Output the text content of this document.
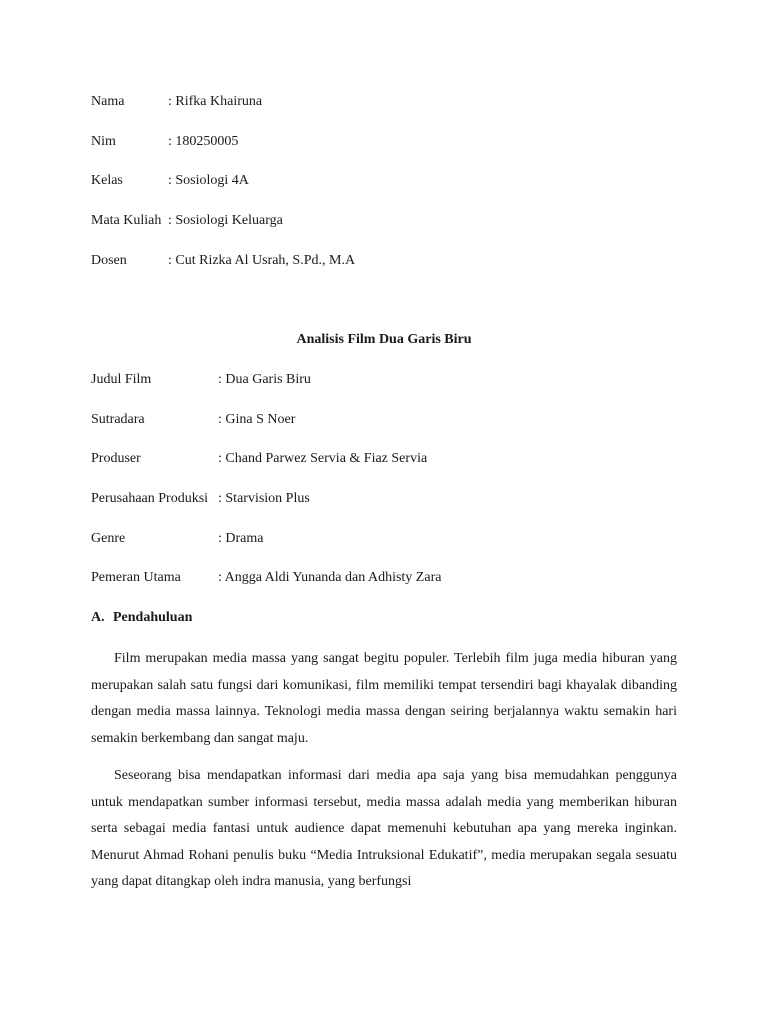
Nama	: Rifka Khairuna
Nim	: 180250005
Kelas	: Sosiologi 4A
Mata Kuliah : Sosiologi Keluarga
Dosen	: Cut Rizka Al Usrah, S.Pd., M.A
Analisis Film Dua Garis Biru
Judul Film	: Dua Garis Biru
Sutradara	: Gina S Noer
Produser	: Chand Parwez Servia & Fiaz Servia
Perusahaan Produksi : Starvision Plus
Genre	: Drama
Pemeran Utama	: Angga Aldi Yunanda dan Adhisty Zara
A. Pendahuluan

Film merupakan media massa yang sangat begitu populer. Terlebih film juga media hiburan yang merupakan salah satu fungsi dari komunikasi, film memiliki tempat tersendiri bagi khayalak dibanding dengan media massa lainnya. Teknologi media massa dengan seiring berjalannya waktu semakin hari semakin berkembang dan sangat maju.

Seseorang bisa mendapatkan informasi dari media apa saja yang bisa memudahkan penggunya untuk mendapatkan sumber informasi tersebut, media massa adalah media yang memberikan hiburan serta sebagai media fantasi untuk audience dapat memenuhi kebutuhan apa yang mereka inginkan. Menurut Ahmad Rohani penulis buku “Media Intruksional Edukatif”, media merupakan segala sesuatu yang dapat ditangkap oleh indra manusia, yang berfungsi
